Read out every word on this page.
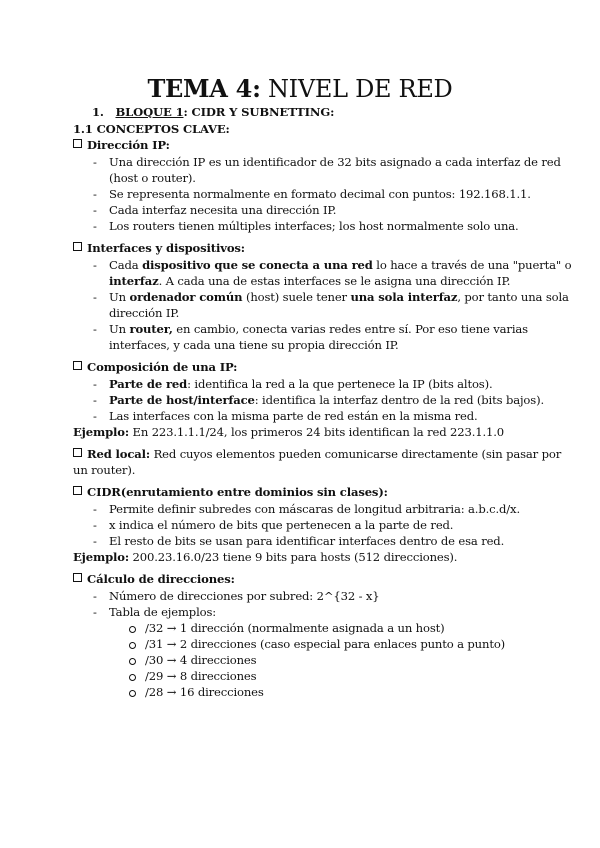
TEMA 4: NIVEL DE RED
1. BLOQUE 1: CIDR Y SUBNETTING:
1.1 CONCEPTOS CLAVE:
Dirección IP:
- Una dirección IP es un identificador de 32 bits asignado a cada interfaz de red
(host o router).
- Se representa normalmente en formato decimal con puntos: 192.168.1.1.
- Cada interfaz necesita una dirección IP.
- Los routers tienen múltiples interfaces; los host normalmente solo una.
Interfaces y dispositivos:
- Cada dispositivo que se conecta a una red lo hace a través de una "puerta" o
interfaz. A cada una de estas interfaces se le asigna una dirección IP.
- Un ordenador común (host) suele tener una sola interfaz, por tanto una sola
dirección IP.
- Un router, en cambio, conecta varias redes entre sí. Por eso tiene varias
interfaces, y cada una tiene su propia dirección IP.
Composición de una IP:
- Parte de red: identifica la red a la que pertenece la IP (bits altos).
- Parte de host/interface: identifica la interfaz dentro de la red (bits bajos).
- Las interfaces con la misma parte de red están en la misma red.
Ejemplo: En 223.1.1.1/24, los primeros 24 bits identifican la red 223.1.1.0
Red local: Red cuyos elementos pueden comunicarse directamente (sin pasar por
un router).
CIDR(enrutamiento entre dominios sin clases):
- Permite definir subredes con máscaras de longitud arbitraria: a.b.c.d/x.
- x indica el número de bits que pertenecen a la parte de red.
- El resto de bits se usan para identificar interfaces dentro de esa red.
Ejemplo: 200.23.16.0/23 tiene 9 bits para hosts (512 direcciones).
Cálculo de direcciones:
- Número de direcciones por subred: 2^{32 - x}
- Tabla de ejemplos:
/32 → 1 dirección (normalmente asignada a un host)
/31 → 2 direcciones (caso especial para enlaces punto a punto)
/30 → 4 direcciones
/29 → 8 direcciones
/28 → 16 direcciones
